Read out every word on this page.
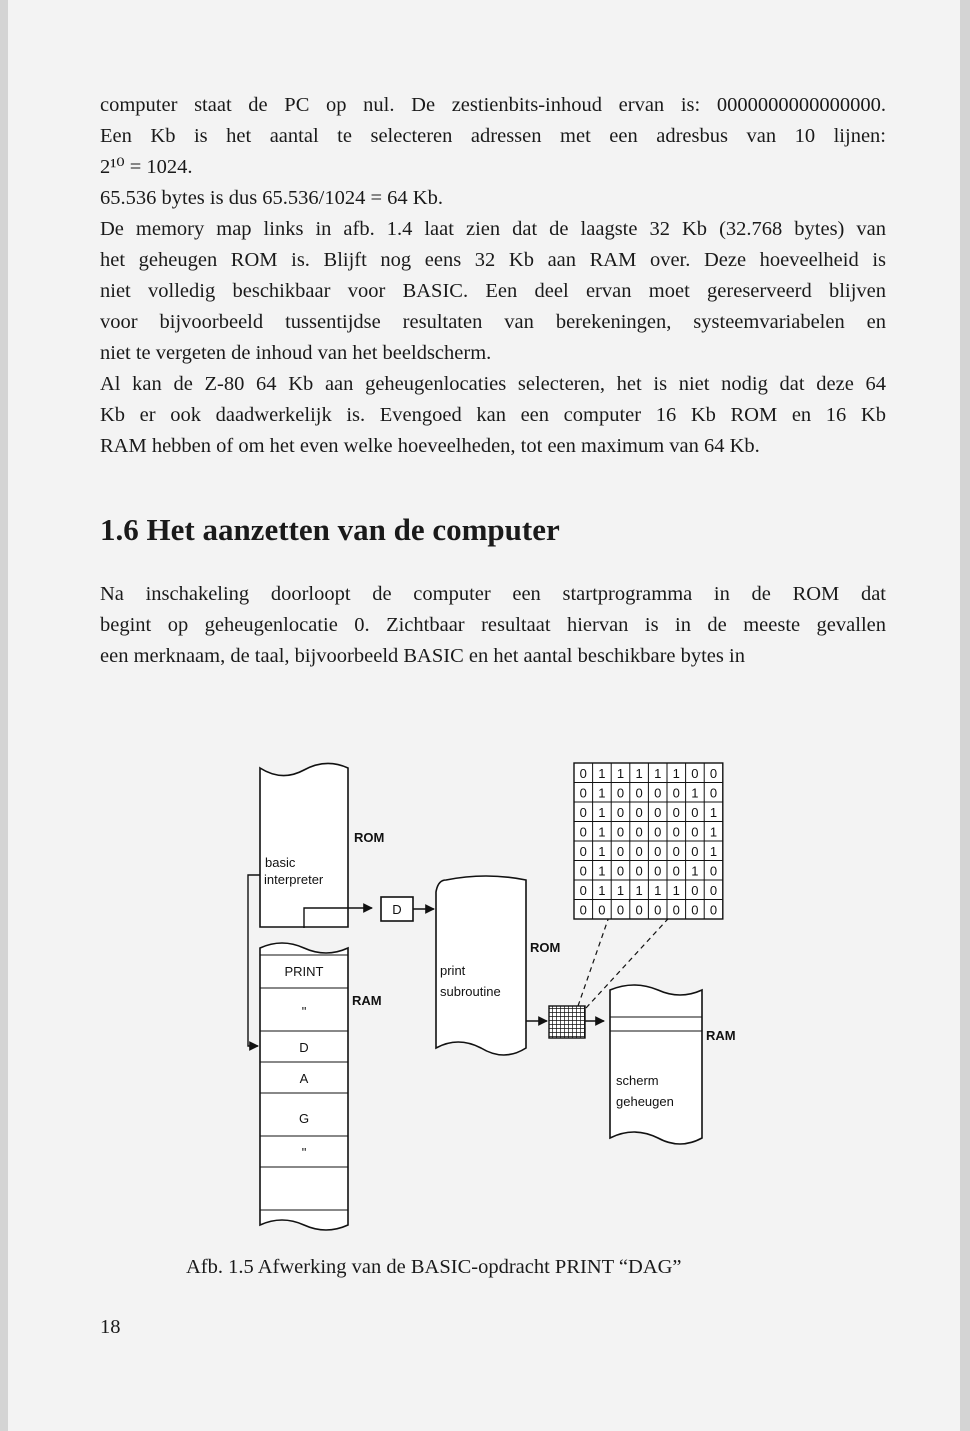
computer staat de PC op nul. De zestienbits-inhoud ervan is: 0000000000000000.

Een Kb is het aantal te selecteren adressen met een adresbus van 10 lijnen:

2¹⁰ = 1024.

65.536 bytes is dus 65.536/1024 = 64 Kb.

De memory map links in afb. 1.4 laat zien dat de laagste 32 Kb (32.768 bytes) van

het geheugen ROM is. Blijft nog eens 32 Kb aan RAM over. Deze hoeveelheid is

niet volledig beschikbaar voor BASIC. Een deel ervan moet gereserveerd blijven

voor bijvoorbeeld tussentijdse resultaten van berekeningen, systeemvariabelen en

niet te vergeten de inhoud van het beeldscherm.

Al kan de Z-80 64 Kb aan geheugenlocaties selecteren, het is niet nodig dat deze 64

Kb er ook daadwerkelijk is. Evengoed kan een computer 16 Kb ROM en 16 Kb

RAM hebben of om het even welke hoeveelheden, tot een maximum van 64 Kb.

1.6 Het aanzetten van de computer

Na inschakeling doorloopt de computer een startprogramma in de ROM dat

begint op geheugenlocatie 0. Zichtbaar resultaat hiervan is in de meeste gevallen

een merknaam, de taal, bijvoorbeeld BASIC en het aantal beschikbare bytes in

ROM
basic
interpreter
PRINT
"
D
A
G
"
RAM
D
ROM
print
subroutine
RAM
scherm
geheugen
0 1 1 1 1 1 0 0
0 1 0 0 0 0 1 0
0 1 0 0 0 0 0 1
0 1 0 0 0 0 0 1
0 1 0 0 0 0 0 1
0 1 0 0 0 0 1 0
0 1 1 1 1 1 0 0
0 0 0 0 0 0 0 0
Afb. 1.5 Afwerking van de BASIC-opdracht PRINT “DAG”
18
